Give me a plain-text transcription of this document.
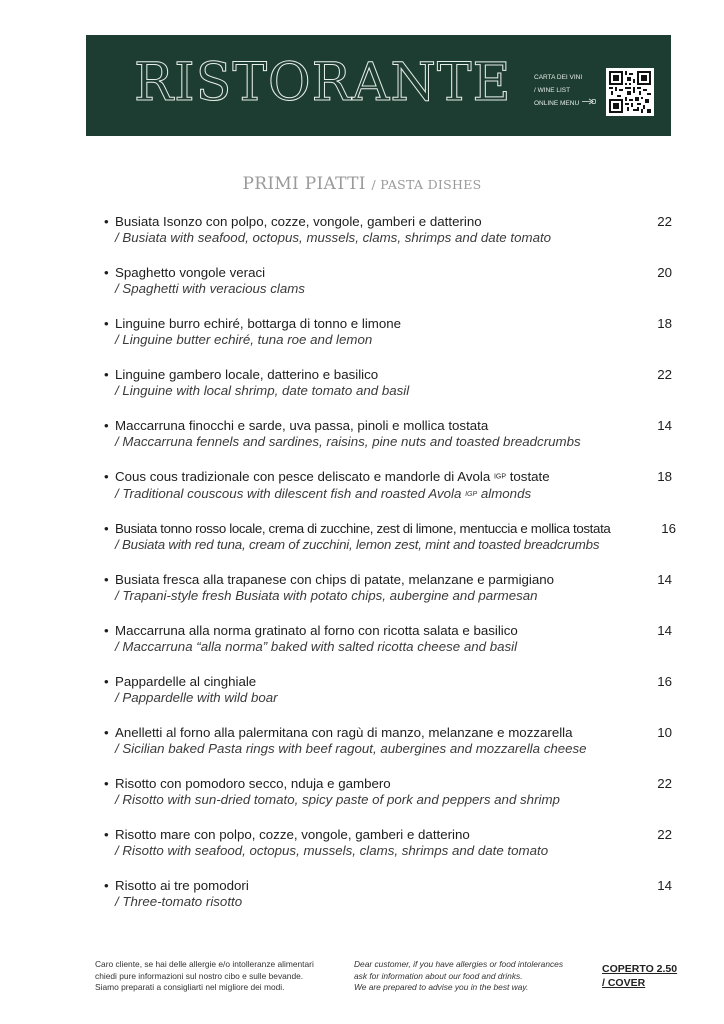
RISTORANTE	CARTA DEI VINI
/ WINE LIST
ONLINE MENU
PRIMI PIATTI / PASTA DISHES
• Busiata Isonzo con polpo, cozze, vongole, gamberi e datterino
/ Busiata with seafood, octopus, mussels, clams, shrimps and date tomato
22
• Spaghetto vongole veraci
/ Spaghetti with veracious clams
20
• Linguine burro echiré, bottarga di tonno e limone
/ Linguine butter echiré, tuna roe and lemon
18
• Linguine gambero locale, datterino e basilico
/ Linguine with local shrimp, date tomato and basil
22
• Maccarruna finocchi e sarde, uva passa, pinoli e mollica tostata
/ Maccarruna fennels and sardines, raisins, pine nuts and toasted breadcrumbs
14
• Cous cous tradizionale con pesce deliscato e mandorle di Avola IGP tostate
/ Traditional couscous with dilescent fish and roasted Avola IGP almonds
18
• Busiata tonno rosso locale, crema di zucchine, zest di limone, mentuccia e mollica tostata
/ Busiata with red tuna, cream of zucchini, lemon zest, mint and toasted breadcrumbs
16
• Busiata fresca alla trapanese con chips di patate, melanzane e parmigiano
/ Trapani-style fresh Busiata with potato chips, aubergine and parmesan
14
• Maccarruna alla norma gratinato al forno con ricotta salata e basilico
/ Maccarruna “alla norma” baked with salted ricotta cheese and basil
14
• Pappardelle al cinghiale
/ Pappardelle with wild boar
16
• Anelletti al forno alla palermitana con ragù di manzo, melanzane e mozzarella
/ Sicilian baked Pasta rings with beef ragout, aubergines and mozzarella cheese
10
• Risotto con pomodoro secco, nduja e gambero
/ Risotto with sun-dried tomato, spicy paste of pork and peppers and shrimp
22
• Risotto mare con polpo, cozze, vongole, gamberi e datterino
/ Risotto with seafood, octopus, mussels, clams, shrimps and date tomato
22
• Risotto ai tre pomodori
/ Three-tomato risotto
14
Caro cliente, se hai delle allergie e/o intolleranze alimentari
chiedi pure informazioni sul nostro cibo e sulle bevande.
Siamo preparati a consigliarti nel migliore dei modi.
Dear customer, if you have allergies or food intolerances
ask for information about our food and drinks.
We are prepared to advise you in the best way.
COPERTO 2.50
/ COVER
